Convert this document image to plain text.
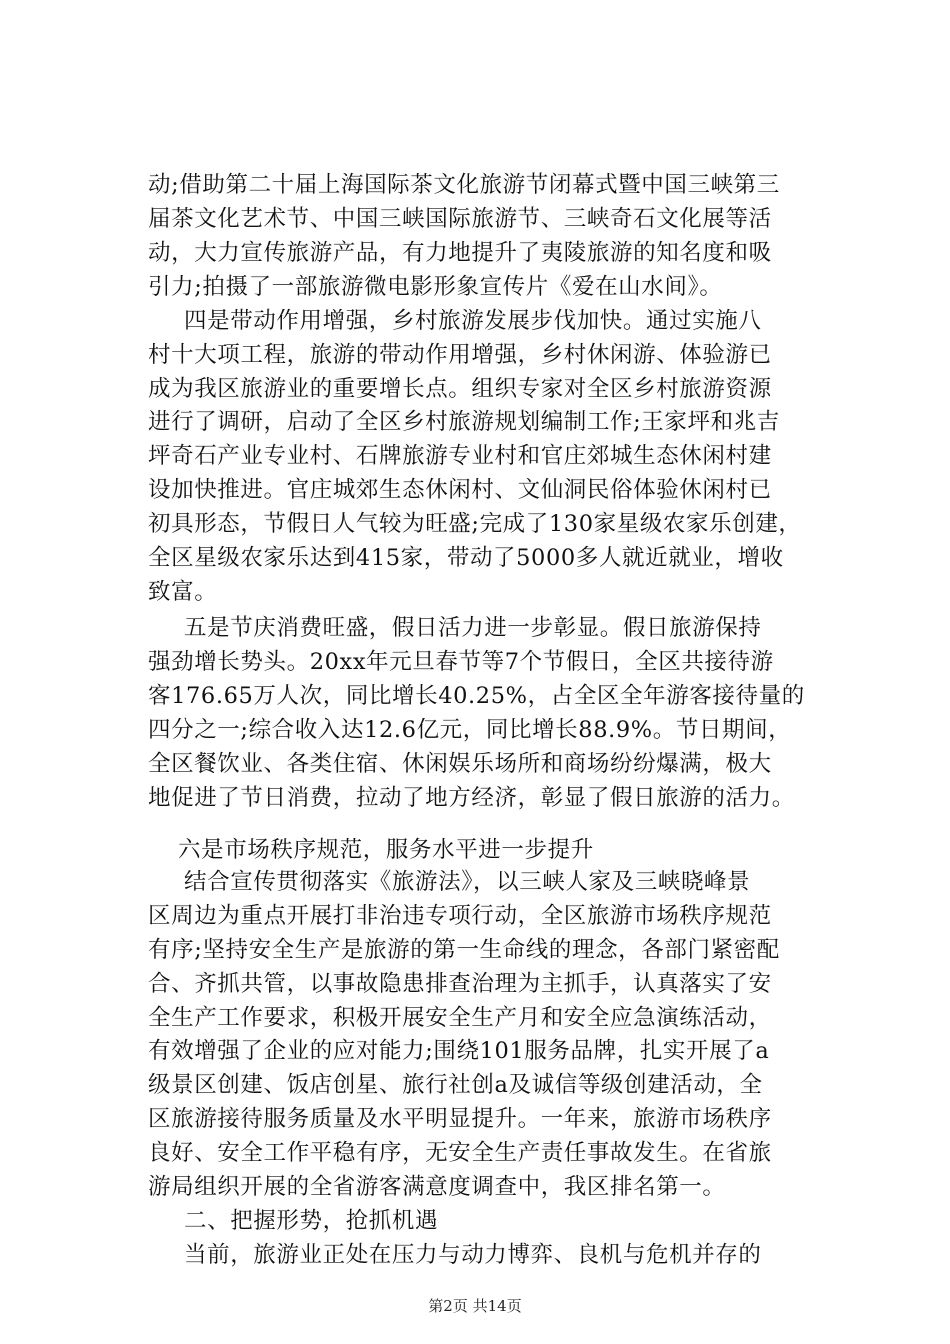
动;借助第二十届上海国际茶文化旅游节闭幕式暨中国三峡第三
届茶文化艺术节、中国三峡国际旅游节、三峡奇石文化展等活
动，大力宣传旅游产品，有力地提升了夷陵旅游的知名度和吸
引力;拍摄了一部旅游微电影形象宣传片《爱在山水间》。
四是带动作用增强，乡村旅游发展步伐加快。通过实施八
村十大项工程，旅游的带动作用增强，乡村休闲游、体验游已
成为我区旅游业的重要增长点。组织专家对全区乡村旅游资源
进行了调研，启动了全区乡村旅游规划编制工作;王家坪和兆吉
坪奇石产业专业村、石牌旅游专业村和官庄郊城生态休闲村建
设加快推进。官庄城郊生态休闲村、文仙洞民俗体验休闲村已
初具形态，节假日人气较为旺盛;完成了130家星级农家乐创建，
全区星级农家乐达到415家，带动了5000多人就近就业，增收
致富。
五是节庆消费旺盛，假日活力进一步彰显。假日旅游保持
强劲增长势头。20xx年元旦春节等7个节假日，全区共接待游
客176.65万人次，同比增长40.25%，占全区全年游客接待量的
四分之一;综合收入达12.6亿元，同比增长88.9%。节日期间，
全区餐饮业、各类住宿、休闲娱乐场所和商场纷纷爆满，极大
地促进了节日消费，拉动了地方经济，彰显了假日旅游的活力。
六是市场秩序规范，服务水平进一步提升
结合宣传贯彻落实《旅游法》，以三峡人家及三峡晓峰景
区周边为重点开展打非治违专项行动，全区旅游市场秩序规范
有序;坚持安全生产是旅游的第一生命线的理念，各部门紧密配
合、齐抓共管，以事故隐患排查治理为主抓手，认真落实了安
全生产工作要求，积极开展安全生产月和安全应急演练活动，
有效增强了企业的应对能力;围绕101服务品牌，扎实开展了a
级景区创建、饭店创星、旅行社创a及诚信等级创建活动，全
区旅游接待服务质量及水平明显提升。一年来，旅游市场秩序
良好、安全工作平稳有序，无安全生产责任事故发生。在省旅
游局组织开展的全省游客满意度调查中，我区排名第一。
二、把握形势，抢抓机遇
当前，旅游业正处在压力与动力博弈、良机与危机并存的
第2页 共14页
